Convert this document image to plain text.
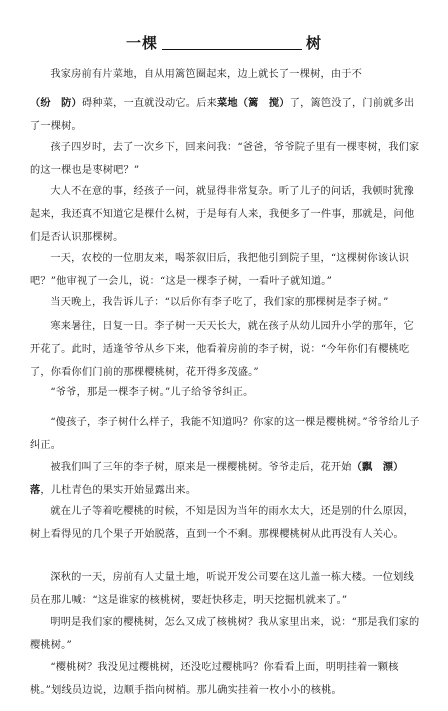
一棵	树

我家房前有片菜地，自从用篱笆圈起来，边上就长了一棵树，由于不

（纷　防）碍种菜，一直就没动它。后来菜地（篱　搅）了，篱笆没了，门前就多出了一棵树。

孩子四岁时，去了一次乡下，回来问我：“爸爸，爷爷院子里有一棵枣树，我们家的这一棵也是枣树吧？”

大人不在意的事，经孩子一问，就显得非常复杂。听了儿子的问话，我顿时犹豫起来，我还真不知道它是棵什么树，于是每有人来，我便多了一件事，那就是，问他们是否认识那棵树。

一天，农校的一位朋友来，喝茶叙旧后，我把他引到院子里，“这棵树你该认识吧？”他审视了一会儿，说：“这是一棵李子树，一看叶子就知道。”

当天晚上，我告诉儿子：“以后你有李子吃了，我们家的那棵树是李子树。”

寒来暑往，日复一日。李子树一天天长大，就在孩子从幼儿园升小学的那年，它开花了。此时，适逢爷爷从乡下来，他看着房前的李子树，说：“今年你们有樱桃吃了，你看你们门前的那棵樱桃树，花开得多茂盛。”

“爷爷，那是一棵李子树。”儿子给爷爷纠正。

“傻孩子，李子树什么样子，我能不知道吗？你家的这一棵是樱桃树。”爷爷给儿子纠正。

被我们叫了三年的李子树，原来是一棵樱桃树。爷爷走后，花开始（飘　漂）落，儿杜青色的果实开始显露出来。

就在儿子等着吃樱桃的时候，不知是因为当年的雨水太大，还是别的什么原因，树上看得见的几个果子开始脱落，直到一个不剩。那棵樱桃树从此再没有人关心。

深秋的一天，房前有人丈量土地，听说开发公司要在这儿盖一栋大楼。一位划线员在那儿喊：“这是谁家的核桃树，要赶快移走，明天挖掘机就来了。”

明明是我们家的樱桃树，怎么又成了核桃树？我从家里出来，说：“那是我们家的樱桃树。”

“樱桃树？我没见过樱桃树，还没吃过樱桃吗？你看看上面，明明挂着一颗核桃。”划线员边说，边顺手指向树梢。那儿确实挂着一枚小小的核桃。
